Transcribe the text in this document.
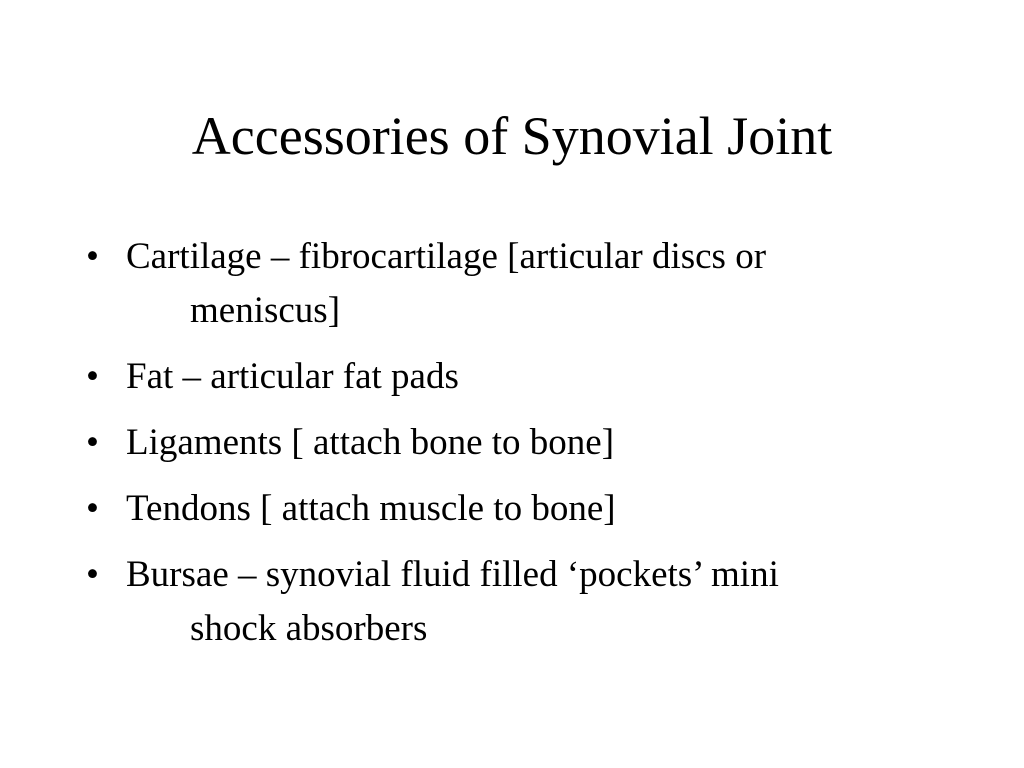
Accessories of Synovial Joint
• Cartilage – fibrocartilage [articular discs or
meniscus]
• Fat – articular fat pads
• Ligaments [ attach bone to bone]
• Tendons [ attach muscle to bone]
• Bursae – synovial fluid filled ‘pockets’ mini
shock absorbers
